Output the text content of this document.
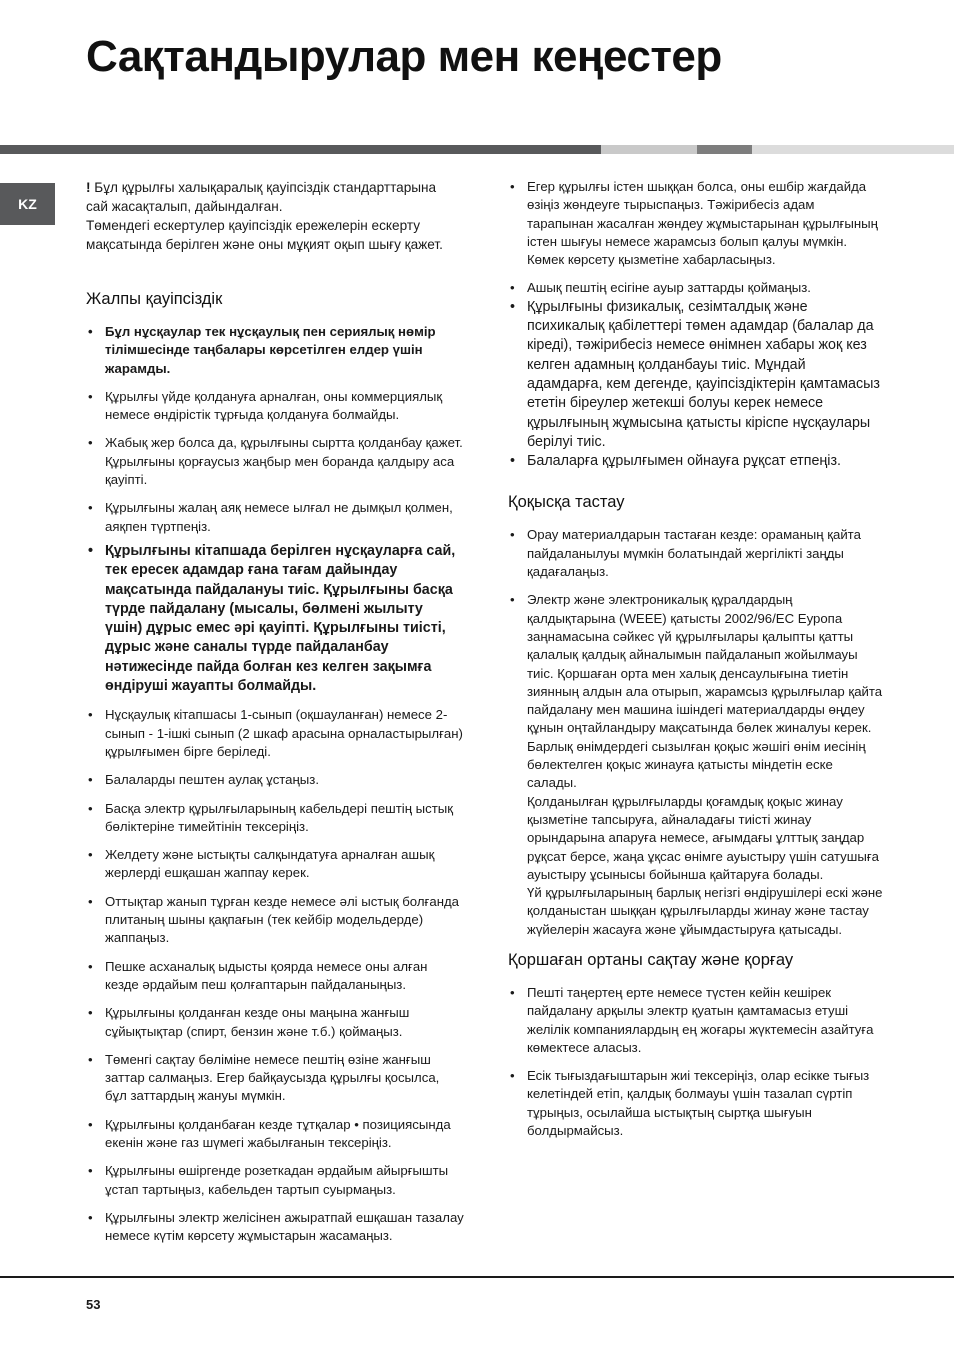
Сақтандырулар мен кеңестер
KZ

! Бұл құрылғы халықаралық қауіпсіздік стандарттарына

сай жасақталып, дайындалған.

Төмендегі ескертулер қауіпсіздік ережелерін ескерту

мақсатында берілген және оны мұқият оқып шығу қажет.

Жалпы қауіпсіздік
• Бұл нұсқаулар тек нұсқаулық пен сериялық нөмір тілімшесінде таңбалары көрсетілген елдер үшін жарамды.

• Құрылғы үйде қолдануға арналған, оны коммерциялық немесе өндірістік тұрғыда қолдануға болмайды.

• Жабық жер болса да, құрылғыны сыртта қолданбау қажет. Құрылғыны қорғаусыз жаңбыр мен боранда қалдыру аса қауіпті.

• Құрылғыны жалаң аяқ немесе ылғал не дымқыл қолмен, аяқпен түртпеңіз.

• Құрылғыны кітапшада берілген нұсқауларға сай, тек ересек адамдар ғана тағам дайындау мақсатында пайдалануы тиіс. Құрылғыны басқа түрде пайдалану (мысалы, бөлмені жылыту үшін) дұрыс емес әрі қауіпті. Құрылғыны тиісті, дұрыс және саналы түрде пайдаланбау нәтижесінде пайда болған кез келген зақымға өндіруші жауапты болмайды.

• Нұсқаулық кітапшасы 1-сынып (оқшауланған) немесе 2-сынып - 1-ішкі сынып (2 шкаф арасына орналастырылған) құрылғымен бірге беріледі.

• Балаларды пештен аулақ ұстаңыз.

• Басқа электр құрылғыларының кабельдері пештің ыстық бөліктеріне тимейтінін тексеріңіз.

• Желдету және ыстықты салқындатуға арналған ашық жерлерді ешқашан жаппау керек.

• Оттықтар жанып тұрған кезде немесе әлі ыстық болғанда плитаның шыны қақпағын (тек кейбір модельдерде) жаппаңыз.

• Пешке асханалық ыдысты қоярда немесе оны алған кезде әрдайым пеш қолғаптарын пайдаланыңыз.

• Құрылғыны қолданған кезде оны маңына жанғыш сұйықтықтар (спирт, бензин және т.б.) қоймаңыз.

• Төменгі сақтау бөліміне немесе пештің өзіне жанғыш заттар салмаңыз. Егер байқаусызда құрылғы қосылса, бұл заттардың жануы мүмкін.

• Құрылғыны қолданбаған кезде тұтқалар • позициясында екенін және газ шүмегі жабылғанын тексеріңіз.

• Құрылғыны өшіргенде розеткадан әрдайым айырғышты ұстап тартыңыз, кабельден тартып суырмаңыз.

• Құрылғыны электр желісінен ажыратпай ешқашан тазалау немесе күтім көрсету жұмыстарын жасамаңыз.

• Егер құрылғы істен шыққан болса, оны ешбір жағдайда өзіңіз жөндеуге тырыспаңыз. Тәжірибесіз адам тарапынан жасалған жөндеу жұмыстарынан құрылғының істен шығуы немесе жарамсыз болып қалуы мүмкін. Көмек көрсету қызметіне хабарласыңыз.

• Ашық пештің есігіне ауыр заттарды қоймаңыз.

• Құрылғыны физикалық, сезімталдық және психикалық қабілеттері төмен адамдар (балалар да кіреді), тәжірибесіз немесе өнімнен хабары жоқ кез келген адамның қолданбауы тиіс. Мұндай адамдарға, кем дегенде, қауіпсіздіктерін қамтамасыз ететін біреулер жетекші болуы керек немесе құрылғының жұмысына қатысты кіріспе нұсқаулары берілуі тиіс.

• Балаларға құрылғымен ойнауға рұқсат етпеңіз.

Қоқысқа тастау
• Орау материалдарын тастаған кезде: ораманың қайта пайдаланылуы мүмкін болатындай жергілікті заңды қадағалаңыз.

• Электр және электроникалық құралдардың қалдықтарына (WEEE) қатысты 2002/96/EC Еуропа заңнамасына сәйкес үй құрылғылары қалыпты қатты қалалық қалдық айналымын пайдаланып жойылмауы тиіс. Қоршаған орта мен халық денсаулығына тиетін зиянның алдын ала отырып, жарамсыз құрылғылар қайта пайдалану мен машина ішіндегі материалдарды өңдеу құнын оңтайландыру мақсатында бөлек жиналуы керек. Барлық өнімдердегі сызылған қоқыс жәшігі өнім иесінің бөлектелген қоқыс жинауға қатысты міндетін еске салады.

Қолданылған құрылғыларды қоғамдық қоқыс жинау қызметіне тапсыруға, айналадағы тиісті жинау орындарына апаруға немесе, ағымдағы ұлттық заңдар рұқсат берсе, жаңа ұқсас өнімге ауыстыру үшін сатушыға ауыстыру ұсынысы бойынша қайтаруға болады.

Үй құрылғыларының барлық негізгі өндірушілері ескі және қолданыстан шыққан құрылғыларды жинау және тастау жүйелерін жасауға және ұйымдастыруға қатысады.

Қоршаған ортаны сақтау және қорғау
• Пешті таңертең ерте немесе түстен кейін кешірек пайдалану арқылы электр қуатын қамтамасыз етуші желілік компаниялардың ең жоғары жүктемесін азайтуға көмектесе аласыз.

• Есік тығыздағыштарын жиі тексеріңіз, олар есікке тығыз келетіндей етіп, қалдық болмауы үшін тазалап сүртіп тұрыңыз, осылайша ыстықтың сыртқа шығуын болдырмайсыз.

53
